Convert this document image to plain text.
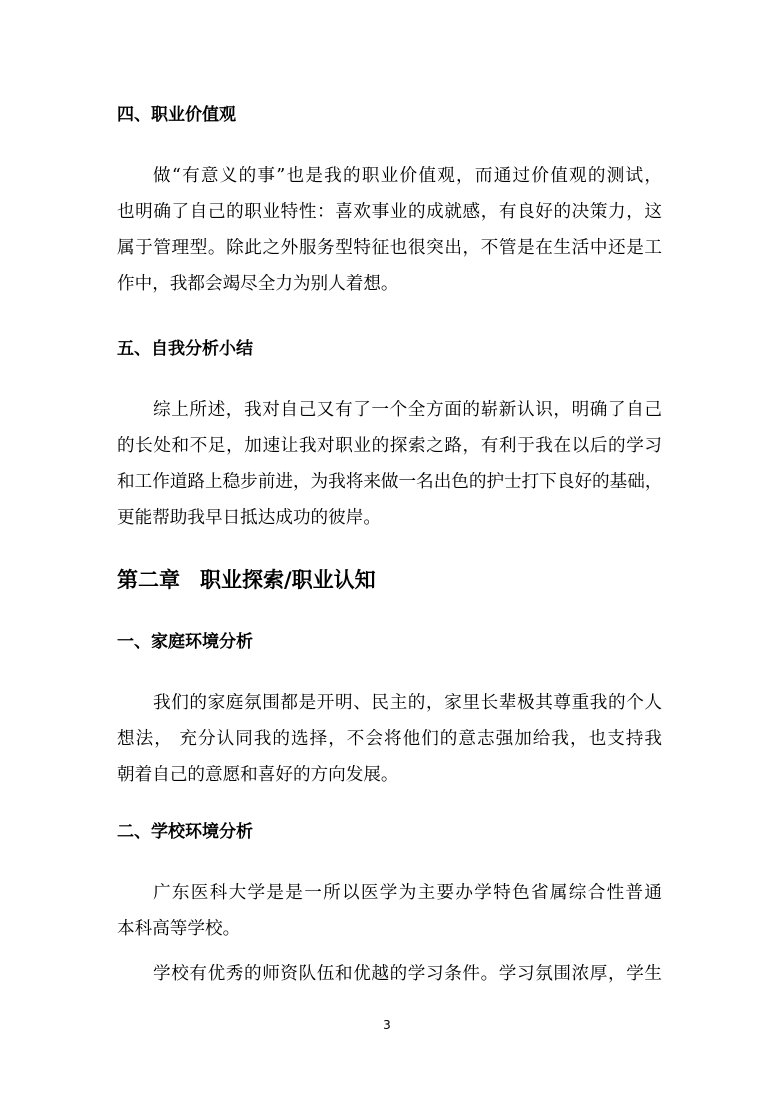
四、职业价值观
做“有意义的事”也是我的职业价值观，而通过价值观的测试，
也明确了自己的职业特性：喜欢事业的成就感，有良好的决策力，这
属于管理型。除此之外服务型特征也很突出，不管是在生活中还是工
作中，我都会竭尽全力为别人着想。
五、自我分析小结
综上所述，我对自己又有了一个全方面的崭新认识，明确了自己
的长处和不足，加速让我对职业的探索之路，有利于我在以后的学习
和工作道路上稳步前进，为我将来做一名出色的护士打下良好的基础，
更能帮助我早日抵达成功的彼岸。
第二章 职业探索/职业认知
一、家庭环境分析
我们的家庭氛围都是开明、民主的，家里长辈极其尊重我的个人
想法， 充分认同我的选择，不会将他们的意志强加给我，也支持我
朝着自己的意愿和喜好的方向发展。
二、学校环境分析
广东医科大学是是一所以医学为主要办学特色省属综合性普通
本科高等学校。
学校有优秀的师资队伍和优越的学习条件。学习氛围浓厚，学生
3
